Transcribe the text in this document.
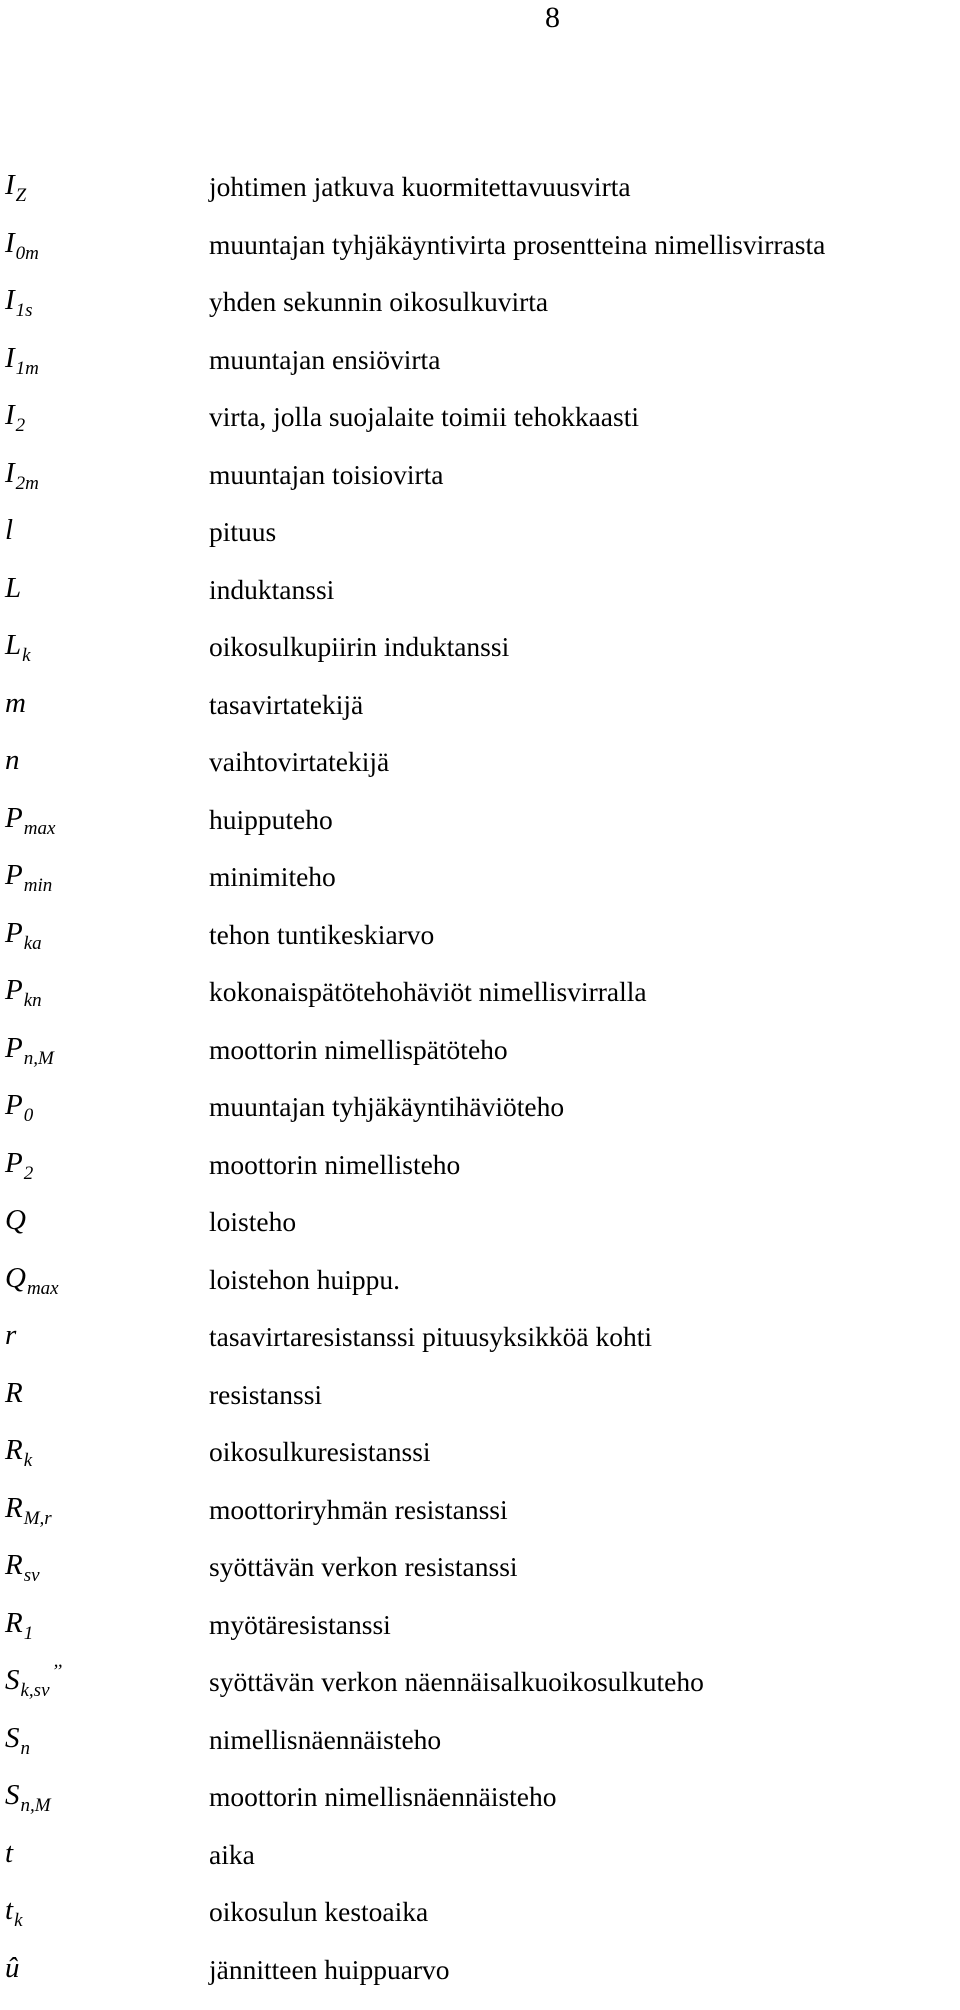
8
$I_Z$	johtimen jatkuva kuormitettavuusvirta
$I_{0m}$	muuntajan tyhjäkäyntivirta prosentteina nimellisvirrasta
$I_{1s}$	yhden sekunnin oikosulkuvirta
$I_{1m}$	muuntajan ensiövirta
$I_2$	virta, jolla suojalaite toimii tehokkaasti
$I_{2m}$	muuntajan toisiovirta
l	pituus
L	induktanssi
$L_k$	oikosulkupiirin induktanssi
m	tasavirtatekijä
n	vaihtovirtatekijä
$P_{max}$	huipputeho
$P_{min}$	minimiteho
$P_{ka}$	tehon tuntikeskiarvo
$P_{kn}$	kokonaispätötehohäviöt nimellisvirralla
$P_{n,M}$	moottorin nimellispätöteho
$P_0$	muuntajan tyhjäkäyntihäviöteho
$P_2$	moottorin nimellisteho
Q	loisteho
$Q_{max}$	loistehon huippu.
r	tasavirtaresistanssi pituusyksikköä kohti
R	resistanssi
$R_k$	oikosulkuresistanssi
$R_{M,r}$	moottoriryhmän resistanssi
$R_{sv}$	syöttävän verkon resistanssi
$R_1$	myötäresistanssi
$S_{k,sv}^{’’}$	syöttävän verkon näennäisalkuoikosulkuteho
$S_n$	nimellisnäennäisteho
$S_{n,M}$	moottorin nimellisnäennäisteho
t	aika
$t_k$	oikosulun kestoaika
û	jännitteen huippuarvo
